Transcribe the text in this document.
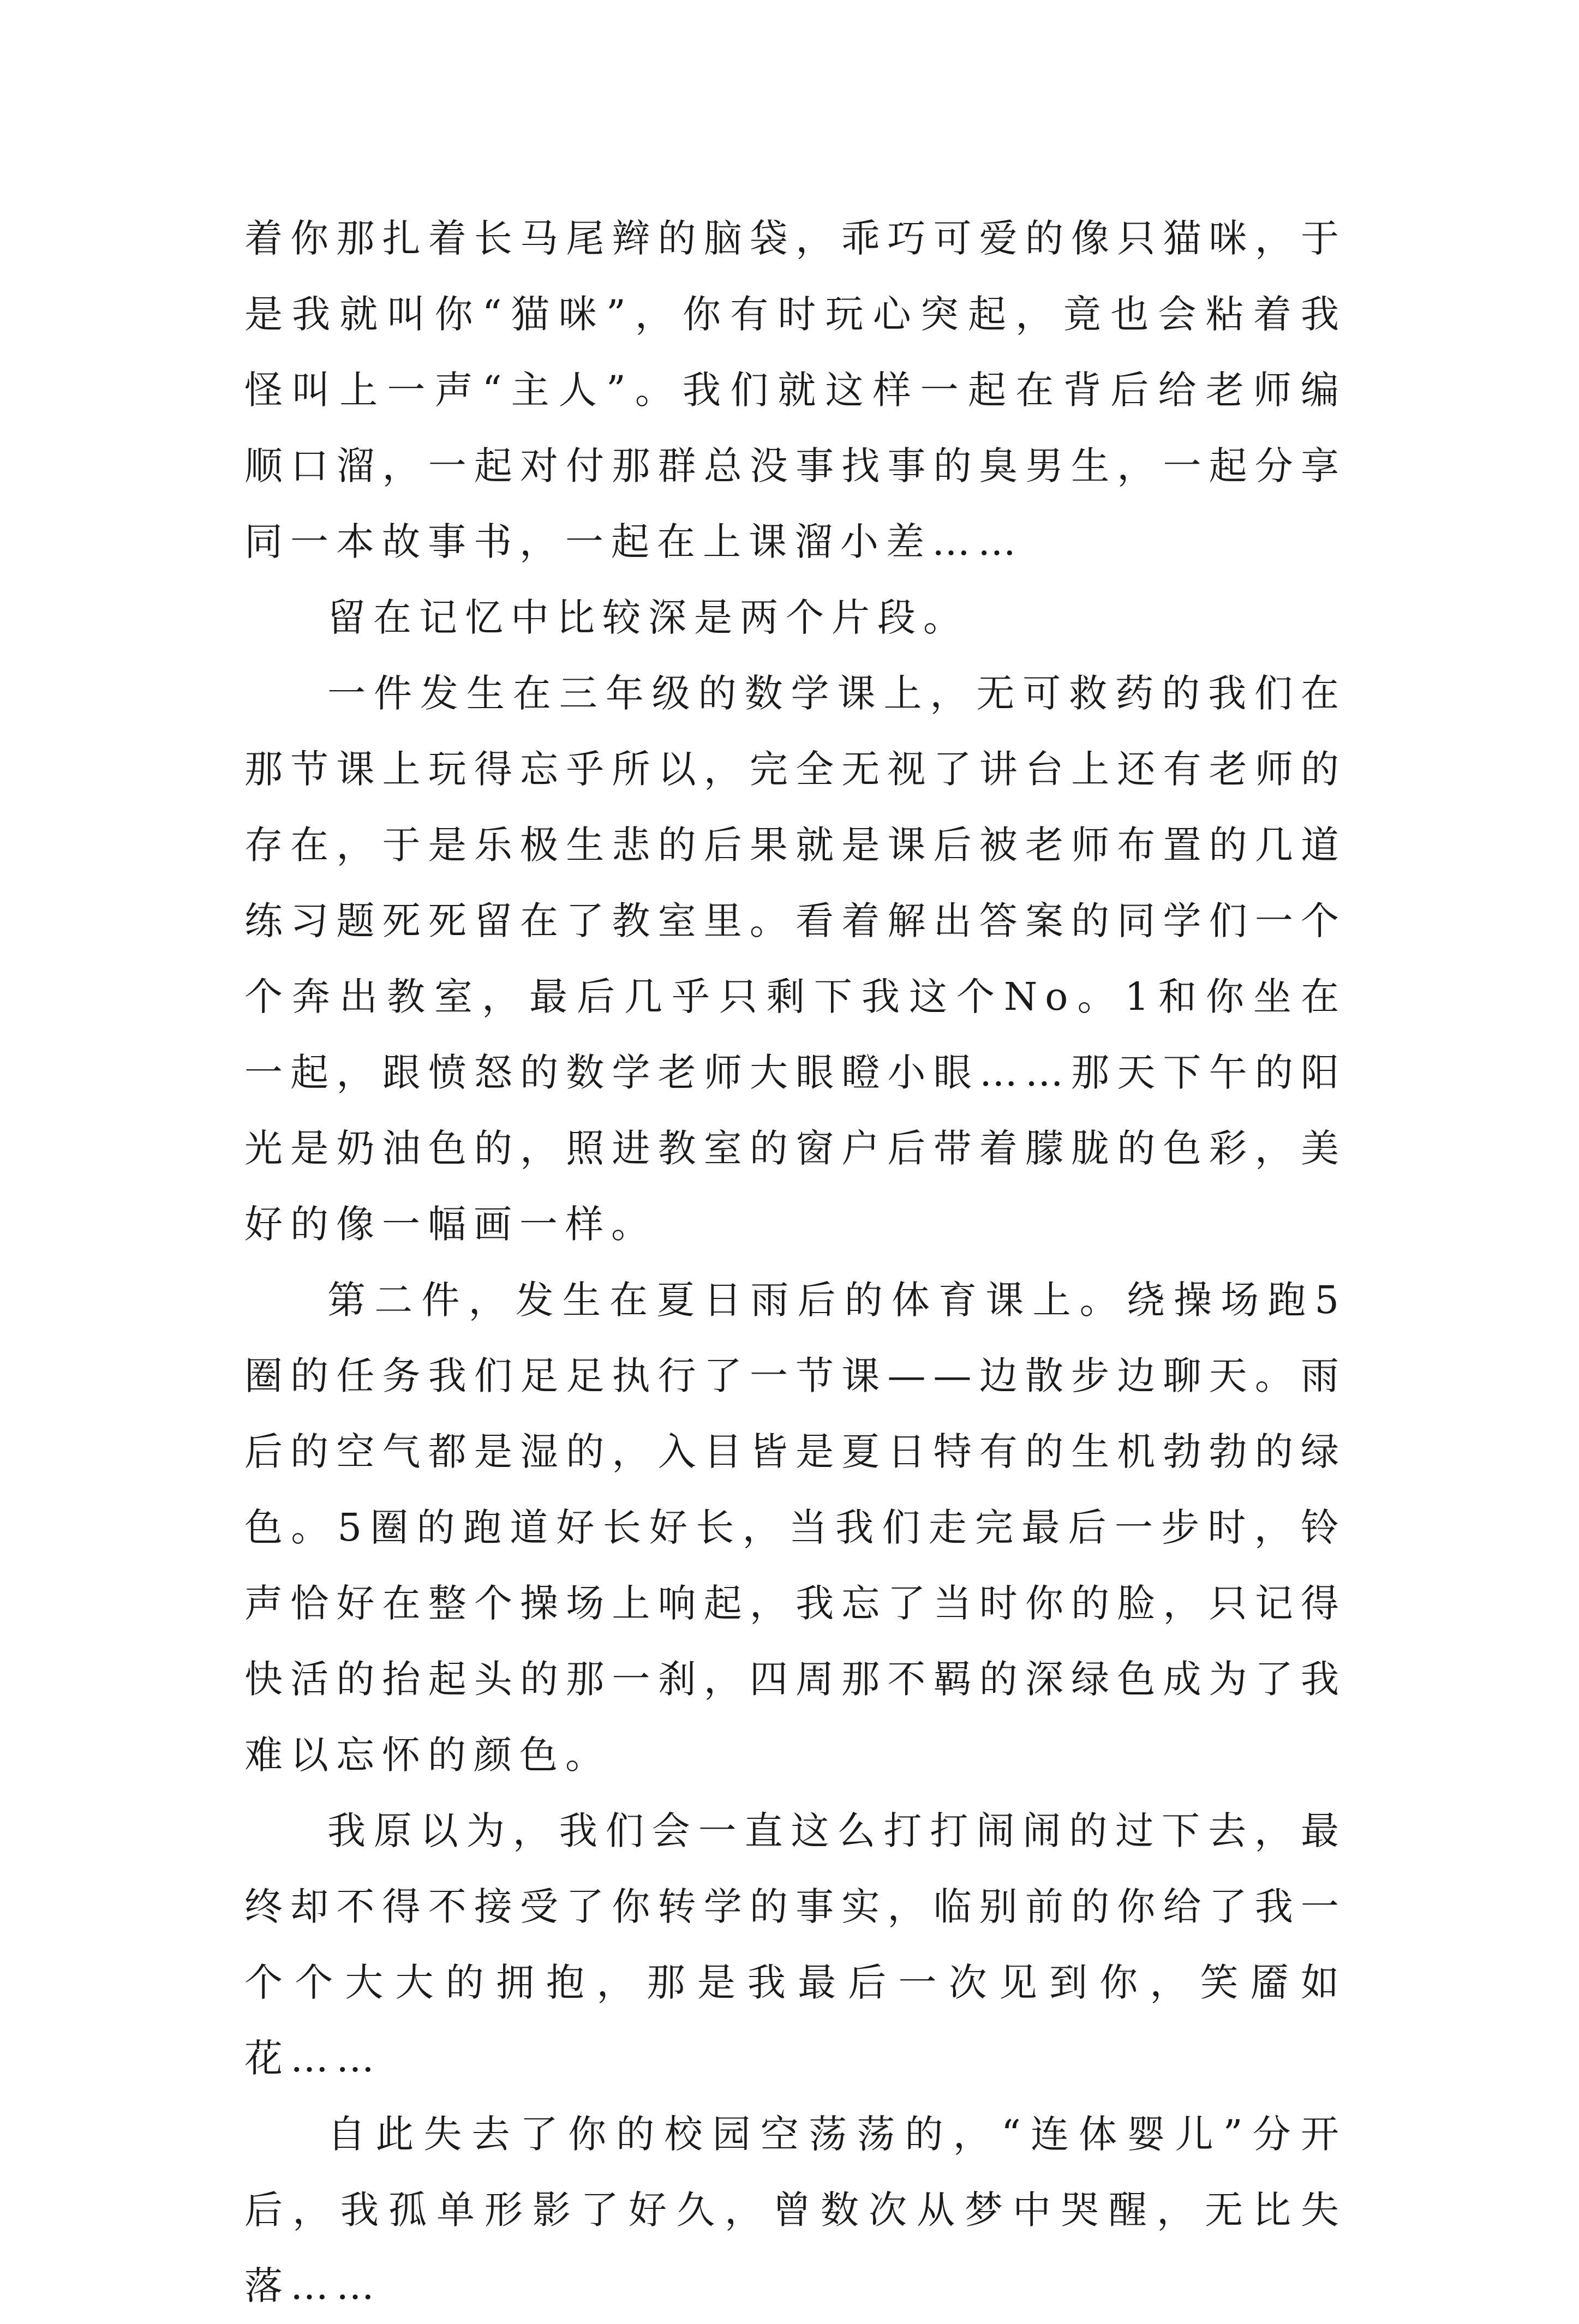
着你那扎着长马尾辫的脑袋，乖巧可爱的像只猫咪，于是我就叫你“猫咪”，你有时玩心突起，竟也会粘着我怪叫上一声“主人”。我们就这样一起在背后给老师编顺口溜，一起对付那群总没事找事的臭男生，一起分享同一本故事书，一起在上课溜小差……

留在记忆中比较深是两个片段。

一件发生在三年级的数学课上，无可救药的我们在那节课上玩得忘乎所以，完全无视了讲台上还有老师的存在，于是乐极生悲的后果就是课后被老师布置的几道练习题死死留在了教室里。看着解出答案的同学们一个个奔出教室，最后几乎只剩下我这个No。1和你坐在一起，跟愤怒的数学老师大眼瞪小眼……那天下午的阳光是奶油色的，照进教室的窗户后带着朦胧的色彩，美好的像一幅画一样。

第二件，发生在夏日雨后的体育课上。绕操场跑5圈的任务我们足足执行了一节课——边散步边聊天。雨后的空气都是湿的，入目皆是夏日特有的生机勃勃的绿色。5圈的跑道好长好长，当我们走完最后一步时，铃声恰好在整个操场上响起，我忘了当时你的脸，只记得快活的抬起头的那一刹，四周那不羁的深绿色成为了我难以忘怀的颜色。

我原以为，我们会一直这么打打闹闹的过下去，最终却不得不接受了你转学的事实，临别前的你给了我一个个大大的拥抱，那是我最后一次见到你，笑靥如花……

自此失去了你的校园空荡荡的，“连体婴儿”分开后，我孤单形影了好久，曾数次从梦中哭醒，无比失落……
